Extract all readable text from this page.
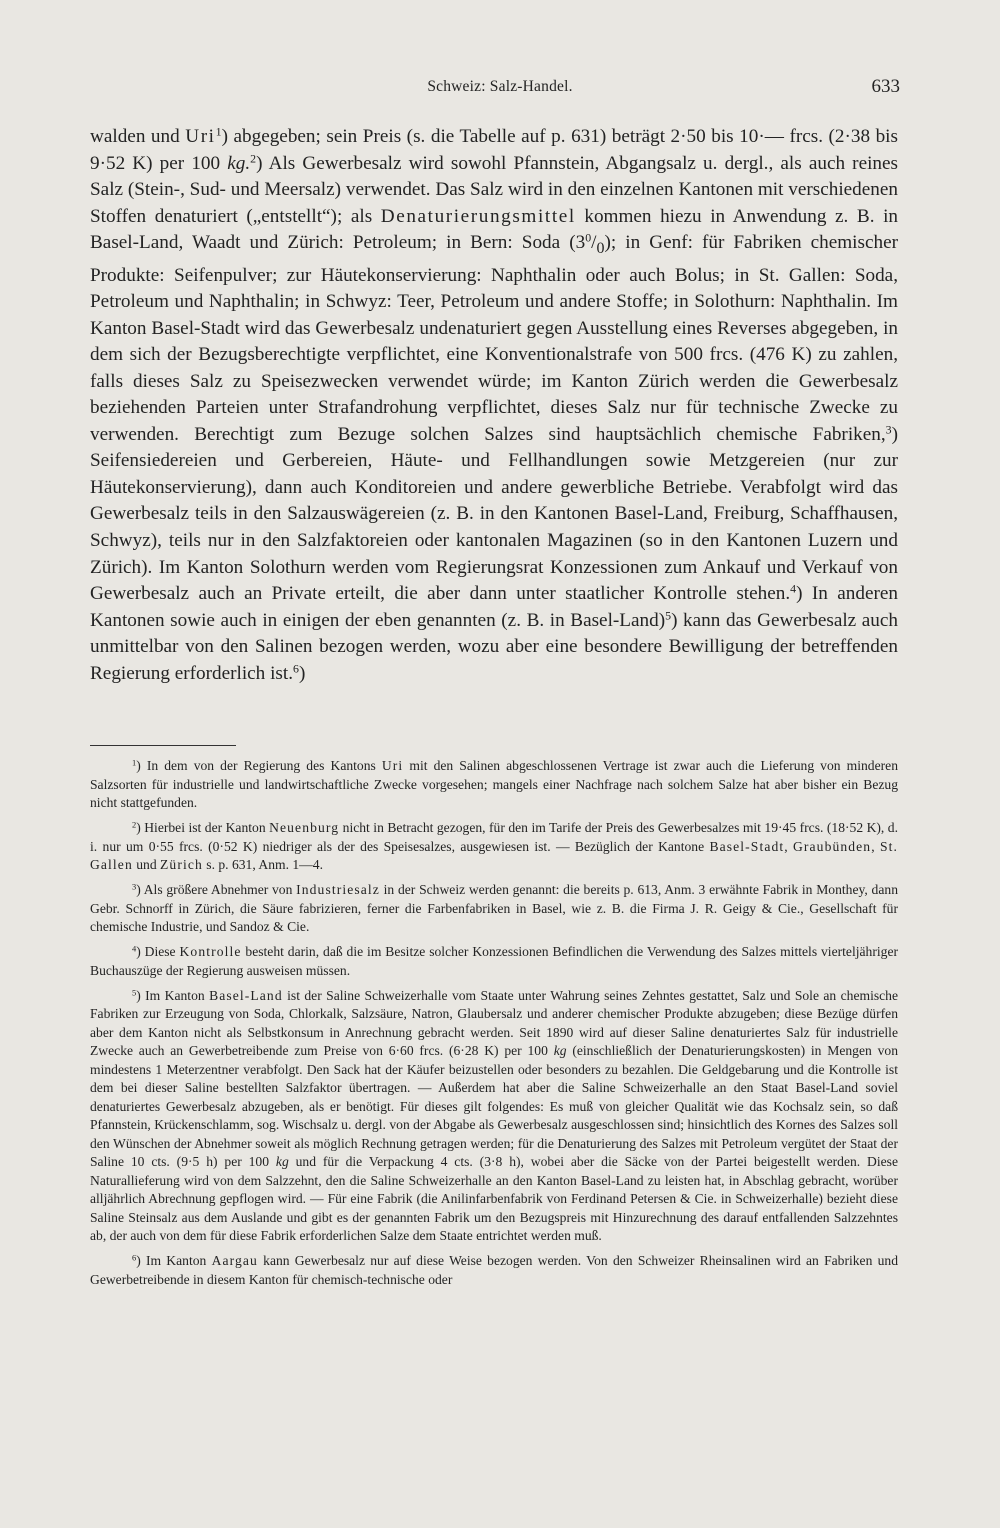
Schweiz: Salz-Handel.	633

walden und Uri$^1$) abgegeben; sein Preis (s. die Tabelle auf p. 631) beträgt 2·50 bis 10·— frcs. (2·38 bis 9·52 K) per 100 kg.$^2$) Als Gewerbesalz wird sowohl Pfannstein, Abgangsalz u. dergl., als auch reines Salz (Stein-, Sud- und Meersalz) verwendet. Das Salz wird in den einzelnen Kantonen mit verschiedenen Stoffen denaturiert („entstellt“); als Denaturierungsmittel kommen hiezu in Anwendung z. B. in Basel-Land, Waadt und Zürich: Petroleum; in Bern: Soda $(3^0/_0)$; in Genf: für Fabriken chemischer Produkte: Seifenpulver; zur Häutekonservierung: Naphthalin oder auch Bolus; in St. Gallen: Soda, Petroleum und Naphthalin; in Schwyz: Teer, Petroleum und andere Stoffe; in Solothurn: Naphthalin. Im Kanton Basel-Stadt wird das Gewerbesalz undenaturiert gegen Ausstellung eines Reverses abgegeben, in dem sich der Bezugsberechtigte verpflichtet, eine Konventionalstrafe von 500 frcs. (476 K) zu zahlen, falls dieses Salz zu Speisezwecken verwendet würde; im Kanton Zürich werden die Gewerbesalz beziehenden Parteien unter Strafandrohung verpflichtet, dieses Salz nur für technische Zwecke zu verwenden. Berechtigt zum Bezuge solchen Salzes sind hauptsächlich chemische Fabriken,$^3$) Seifensiedereien und Gerbereien, Häute- und Fellhandlungen sowie Metzgereien (nur zur Häutekonservierung), dann auch Konditoreien und andere gewerbliche Betriebe. Verabfolgt wird das Gewerbesalz teils in den Salzauswägereien (z. B. in den Kantonen Basel-Land, Freiburg, Schaffhausen, Schwyz), teils nur in den Salzfaktoreien oder kantonalen Magazinen (so in den Kantonen Luzern und Zürich). Im Kanton Solothurn werden vom Regierungsrat Konzessionen zum Ankauf und Verkauf von Gewerbesalz auch an Private erteilt, die aber dann unter staatlicher Kontrolle stehen.$^4$) In anderen Kantonen sowie auch in einigen der eben genannten (z. B. in Basel-Land)$^5$) kann das Gewerbesalz auch unmittelbar von den Salinen bezogen werden, wozu aber eine besondere Bewilligung der betreffenden Regierung erforderlich ist.$^6$)

$^1$) In dem von der Regierung des Kantons Uri mit den Salinen abgeschlossenen Vertrage ist zwar auch die Lieferung von minderen Salzsorten für industrielle und landwirtschaftliche Zwecke vorgesehen; mangels einer Nachfrage nach solchem Salze hat aber bisher ein Bezug nicht stattgefunden.

$^2$) Hierbei ist der Kanton Neuenburg nicht in Betracht gezogen, für den im Tarife der Preis des Gewerbesalzes mit 19·45 frcs. (18·52 K), d. i. nur um 0·55 frcs. (0·52 K) niedriger als der des Speisesalzes, ausgewiesen ist. — Bezüglich der Kantone Basel-Stadt, Graubünden, St. Gallen und Zürich s. p. 631, Anm. 1—4.

$^3$) Als größere Abnehmer von Industriesalz in der Schweiz werden genannt: die bereits p. 613, Anm. 3 erwähnte Fabrik in Monthey, dann Gebr. Schnorff in Zürich, die Säure fabrizieren, ferner die Farbenfabriken in Basel, wie z. B. die Firma J. R. Geigy & Cie., Gesellschaft für chemische Industrie, und Sandoz & Cie.

$^4$) Diese Kontrolle besteht darin, daß die im Besitze solcher Konzessionen Befindlichen die Verwendung des Salzes mittels vierteljähriger Buchauszüge der Regierung ausweisen müssen.

$^5$) Im Kanton Basel-Land ist der Saline Schweizerhalle vom Staate unter Wahrung seines Zehntes gestattet, Salz und Sole an chemische Fabriken zur Erzeugung von Soda, Chlorkalk, Salzsäure, Natron, Glaubersalz und anderer chemischer Produkte abzugeben; diese Bezüge dürfen aber dem Kanton nicht als Selbstkonsum in Anrechnung gebracht werden. Seit 1890 wird auf dieser Saline denaturiertes Salz für industrielle Zwecke auch an Gewerbetreibende zum Preise von 6·60 frcs. (6·28 K) per 100 kg (einschließlich der Denaturierungskosten) in Mengen von mindestens 1 Meterzentner verabfolgt. Den Sack hat der Käufer beizustellen oder besonders zu bezahlen. Die Geldgebarung und die Kontrolle ist dem bei dieser Saline bestellten Salzfaktor übertragen. — Außerdem hat aber die Saline Schweizerhalle an den Staat Basel-Land soviel denaturiertes Gewerbesalz abzugeben, als er benötigt. Für dieses gilt folgendes: Es muß von gleicher Qualität wie das Kochsalz sein, so daß Pfannstein, Krückenschlamm, sog. Wischsalz u. dergl. von der Abgabe als Gewerbesalz ausgeschlossen sind; hinsichtlich des Kornes des Salzes soll den Wünschen der Abnehmer soweit als möglich Rechnung getragen werden; für die Denaturierung des Salzes mit Petroleum vergütet der Staat der Saline 10 cts. (9·5 h) per 100 kg und für die Verpackung 4 cts. (3·8 h), wobei aber die Säcke von der Partei beigestellt werden. Diese Naturallieferung wird von dem Salzzehnt, den die Saline Schweizerhalle an den Kanton Basel-Land zu leisten hat, in Abschlag gebracht, worüber alljährlich Abrechnung gepflogen wird. — Für eine Fabrik (die Anilinfarbenfabrik von Ferdinand Petersen & Cie. in Schweizerhalle) bezieht diese Saline Steinsalz aus dem Auslande und gibt es der genannten Fabrik um den Bezugspreis mit Hinzurechnung des darauf entfallenden Salzzehntes ab, der auch von dem für diese Fabrik erforderlichen Salze dem Staate entrichtet werden muß.

$^6$) Im Kanton Aargau kann Gewerbesalz nur auf diese Weise bezogen werden. Von den Schweizer Rheinsalinen wird an Fabriken und Gewerbetreibende in diesem Kanton für chemisch-technische oder
